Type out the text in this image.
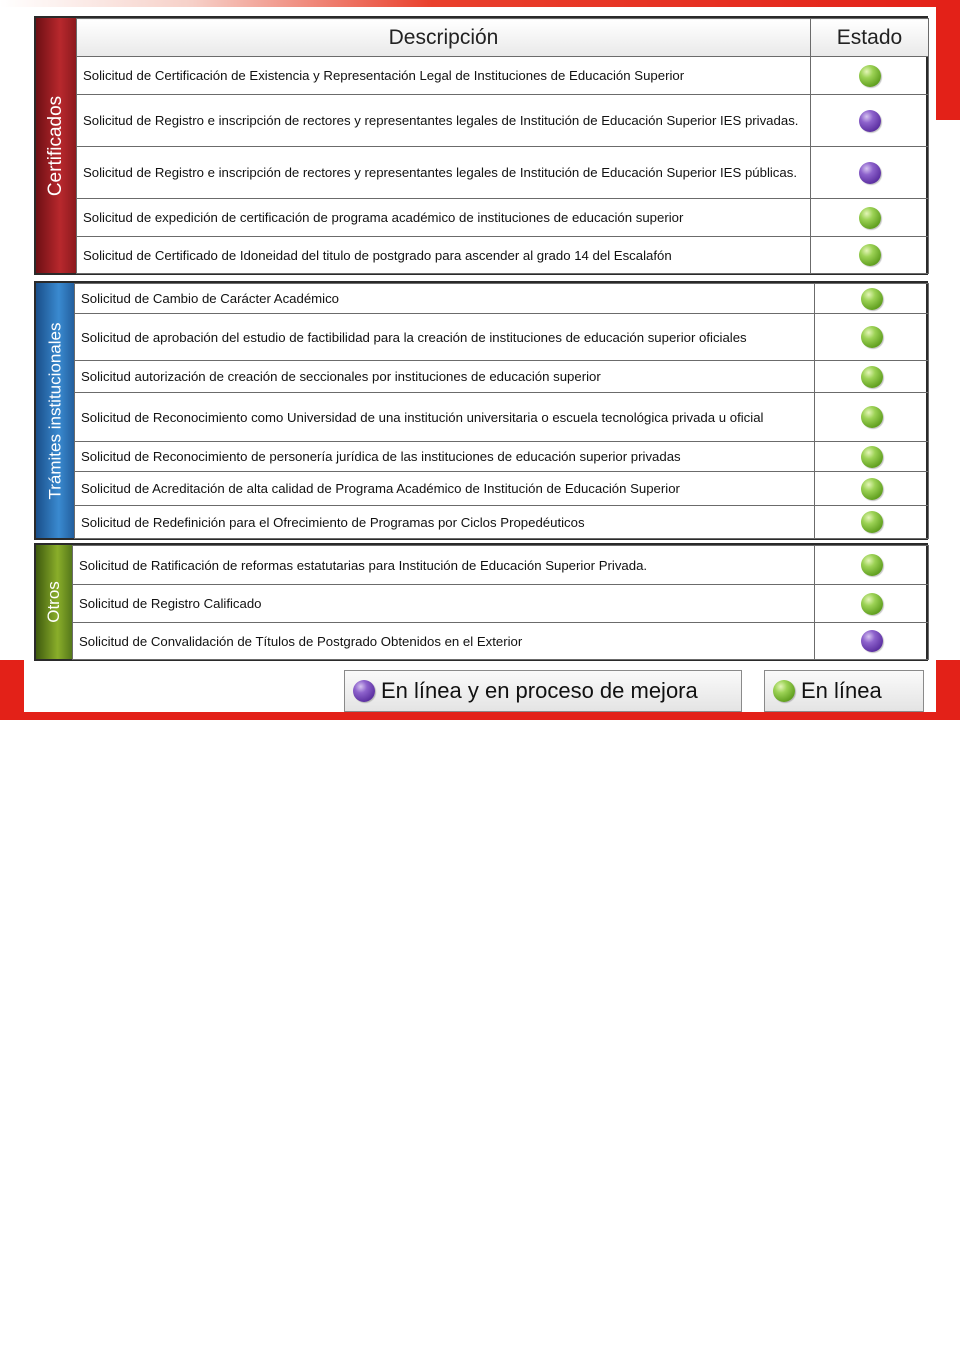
☻︎
☻︎
Certificados
Descripción	Estado
Solicitud de Certificación de Existencia y Representación Legal de Instituciones de Educación Superior	
Solicitud de Registro e inscripción de rectores y representantes legales de Institución de Educación Superior IES privadas.	
Solicitud de Registro e inscripción de rectores y representantes legales de Institución de Educación Superior IES públicas.	
Solicitud de expedición de certificación de programa académico de instituciones de educación superior	
Solicitud de Certificado de Idoneidad del titulo de postgrado para ascender al grado 14 del Escalafón	
Trámites institucionales
Solicitud de Cambio de Carácter Académico	
Solicitud de aprobación del estudio de factibilidad para la creación de instituciones de educación superior oficiales	
Solicitud autorización de creación de seccionales por instituciones de educación superior	
Solicitud de Reconocimiento como Universidad de una institución universitaria o escuela tecnológica privada u oficial	
Solicitud de Reconocimiento de personería jurídica de las instituciones de educación superior privadas	
Solicitud de Acreditación de alta calidad de Programa Académico de Institución de Educación Superior	
Solicitud de Redefinición para el Ofrecimiento de Programas por Ciclos Propedéuticos	
Otros
Solicitud de Ratificación de reformas estatutarias para Institución de Educación Superior Privada.	
Solicitud de Registro Calificado	
Solicitud de Convalidación de Títulos de Postgrado Obtenidos en el Exterior	
En línea y en proceso de mejora	En línea
